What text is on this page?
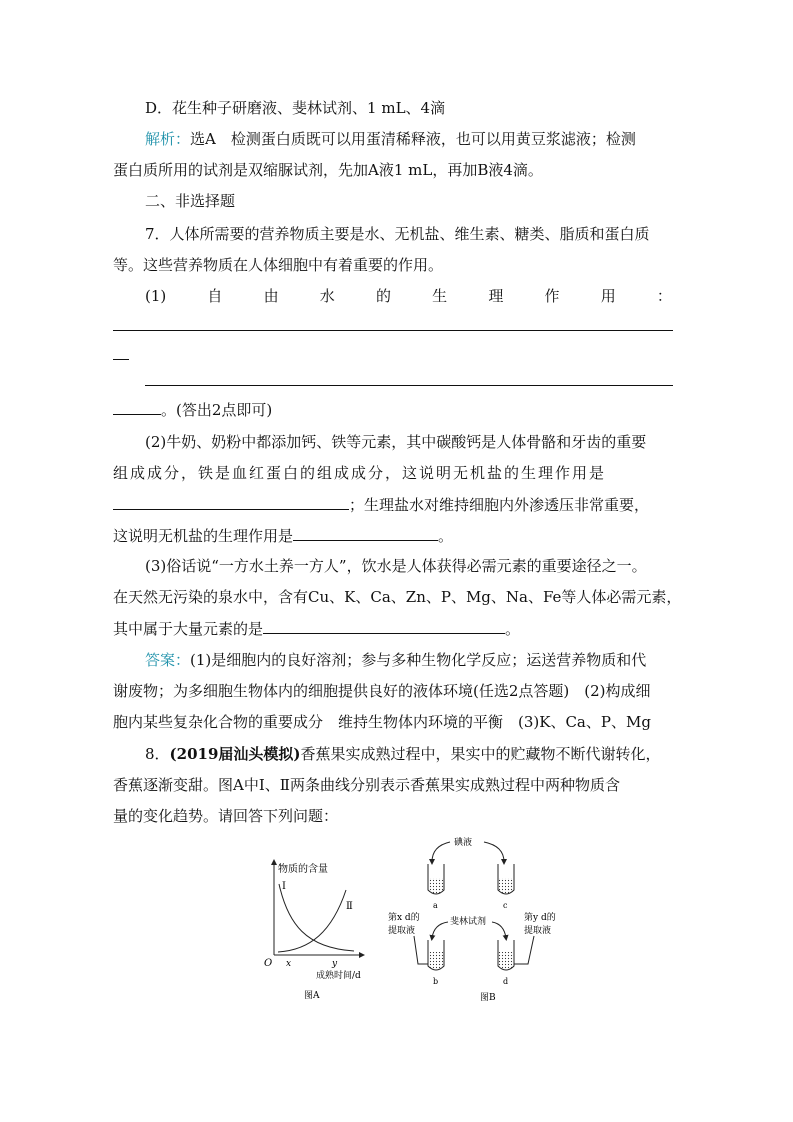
D．花生种子研磨液、斐林试剂、1 mL、4滴
解析：选A　检测蛋白质既可以用蛋清稀释液，也可以用黄豆浆滤液；检测
蛋白质所用的试剂是双缩脲试剂，先加A液1 mL，再加B液4滴。
二、非选择题
7．人体所需要的营养物质主要是水、无机盐、维生素、糖类、脂质和蛋白质
等。这些营养物质在人体细胞中有着重要的作用。
(1)	自	由	水	的	生	理	作	用	：
。(答出2点即可)
(2)牛奶、奶粉中都添加钙、铁等元素，其中碳酸钙是人体骨骼和牙齿的重要
组成成分，铁是血红蛋白的组成成分，这说明无机盐的生理作用是
；生理盐水对维持细胞内外渗透压非常重要，
这说明无机盐的生理作用是	。
(3)俗话说“一方水土养一方人”，饮水是人体获得必需元素的重要途径之一。
在天然无污染的泉水中，含有Cu、K、Ca、Zn、P、Mg、Na、Fe等人体必需元素，
其中属于大量元素的是	。
答案：(1)是细胞内的良好溶剂；参与多种生物化学反应；运送营养物质和代
谢废物；为多细胞生物体内的细胞提供良好的液体环境(任选2点答题)　(2)构成细
胞内某些复杂化合物的重要成分　维持生物体内环境的平衡　(3)K、Ca、P、Mg
8．(2019届汕头模拟)香蕉果实成熟过程中，果实中的贮藏物不断代谢转化，
香蕉逐渐变甜。图A中Ⅰ、Ⅱ两条曲线分别表示香蕉果实成熟过程中两种物质含
量的变化趋势。请回答下列问题：
物质的含量
Ⅰ
Ⅱ
O x	y
成熟时间/d
图A
碘液
a	c
第x d的
提取液
第y d的
提取液
斐林试剂
b	d
图B
